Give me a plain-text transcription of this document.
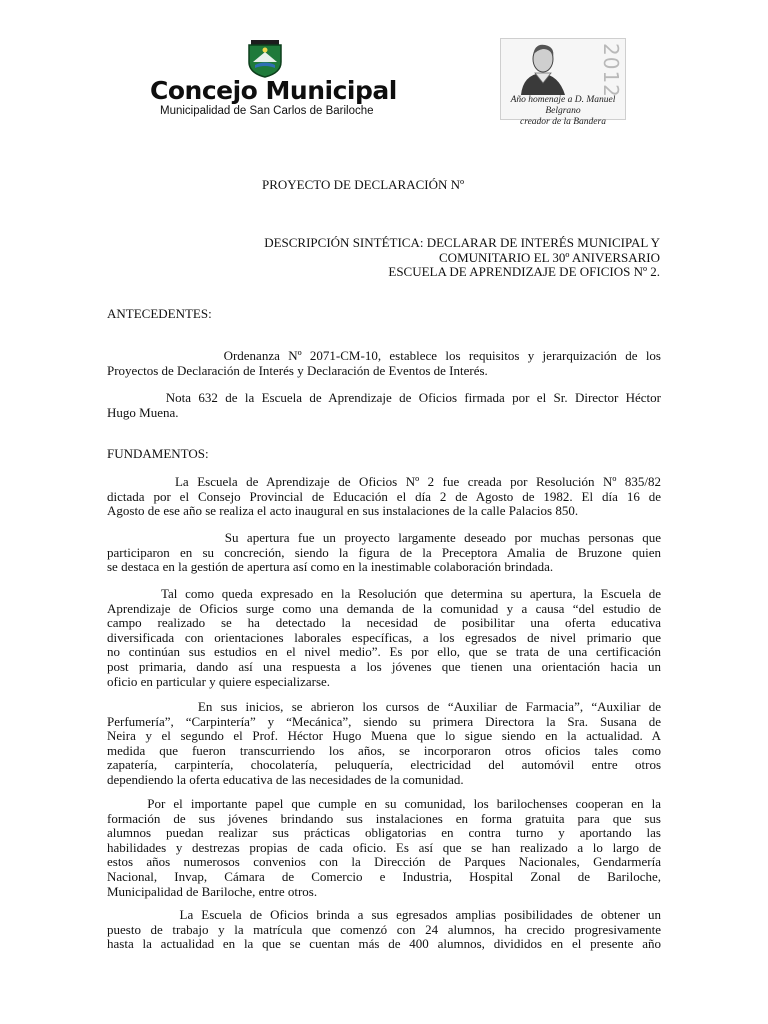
Concejo Municipal
Municipalidad de San Carlos de Bariloche
2012
Año homenaje a D. Manuel Belgrano
creador de la Bandera
PROYECTO DE DECLARACIÓN Nº
DESCRIPCIÓN SINTÉTICA: DECLARAR DE INTERÉS MUNICIPAL Y
COMUNITARIO EL 30º ANIVERSARIO
ESCUELA DE APRENDIZAJE DE OFICIOS Nº 2.
ANTECEDENTES:
Ordenanza Nº 2071-CM-10, establece los requisitos y jerarquización de los
Proyectos de Declaración de Interés y Declaración de Eventos de Interés.
Nota 632 de la Escuela de Aprendizaje de Oficios firmada por el Sr. Director Héctor
Hugo Muena.
FUNDAMENTOS:
La Escuela de Aprendizaje de Oficios Nº 2 fue creada por Resolución Nº 835/82
dictada por el Consejo Provincial de Educación el día 2 de Agosto de 1982. El día 16 de
Agosto de ese año se realiza el acto inaugural en sus instalaciones de la calle Palacios 850.
Su apertura fue un proyecto largamente deseado por muchas personas que
participaron en su concreción, siendo la figura de la Preceptora Amalia de Bruzone quien
se destaca en la gestión de apertura así como en la inestimable colaboración brindada.
Tal como queda expresado en la Resolución que determina su apertura, la Escuela de
Aprendizaje de Oficios surge como una demanda de la comunidad y a causa “del estudio de
campo realizado se ha detectado la necesidad de posibilitar una oferta educativa
diversificada con orientaciones laborales específicas, a los egresados de nivel primario que
no continúan sus estudios en el nivel medio”. Es por ello, que se trata de una certificación
post primaria, dando así una respuesta a los jóvenes que tienen una orientación hacia un
oficio en particular y quiere especializarse.
En sus inicios, se abrieron los cursos de “Auxiliar de Farmacia”, “Auxiliar de
Perfumería”, “Carpintería” y “Mecánica”, siendo su primera Directora la Sra. Susana de
Neira y el segundo el Prof. Héctor Hugo Muena que lo sigue siendo en la actualidad. A
medida que fueron transcurriendo los años, se incorporaron otros oficios tales como
zapatería, carpintería, chocolatería, peluquería, electricidad del automóvil entre otros
dependiendo la oferta educativa de las necesidades de la comunidad.
Por el importante papel que cumple en su comunidad, los barilochenses cooperan en la
formación de sus jóvenes brindando sus instalaciones en forma gratuita para que sus
alumnos puedan realizar sus prácticas obligatorias en contra turno y aportando las
habilidades y destrezas propias de cada oficio. Es así que se han realizado a lo largo de
estos años numerosos convenios con la Dirección de Parques Nacionales, Gendarmería
Nacional, Invap, Cámara de Comercio e Industria, Hospital Zonal de Bariloche,
Municipalidad de Bariloche, entre otros.
La Escuela de Oficios brinda a sus egresados amplias posibilidades de obtener un
puesto de trabajo y la matrícula que comenzó con 24 alumnos, ha crecido progresivamente
hasta la actualidad en la que se cuentan más de 400 alumnos, divididos en el presente año
